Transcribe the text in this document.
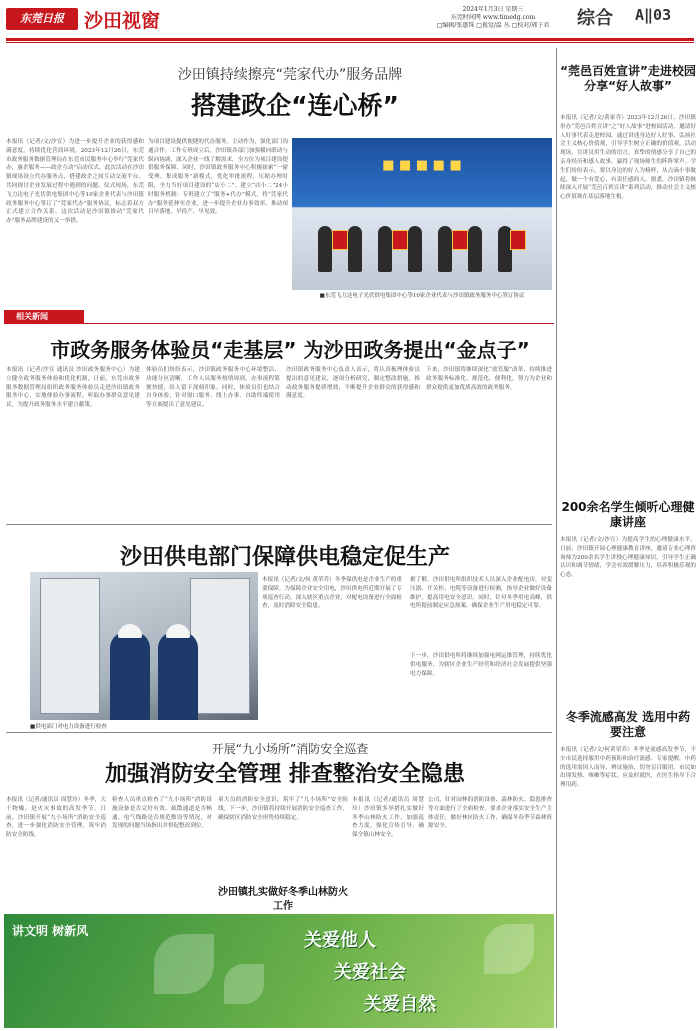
东莞日报	沙田视窗
2024年1月3日 星期三
东莞时间网 www.timedg.com
□编辑/张惠珠 □视觉/温 丛 □校对/郭子君	综合	A‖03
沙田镇持续擦亮“莞家代办”服务品牌
搭建政企“连心桥”
本报讯（记者/文/沙宣）为进一步提升企业的获得感和满意度，持续优化营商环境，2023年12月26日，东莞市政务服务数据管理局在东莞市民服务中心举行“莞家代办，惠企服务——政企互动”启动仪式。此次活动在沙田镇现场设立代办服务点，搭建政企之间互动交流平台，共同探讨企业发展过程中遇到的问题。仪式现场，东莞飞力达电子光伏供电集团中心等10家企业代表与沙田镇政务服务中心签订了“莞家代办”服务协议，标志着双方正式建立合作关系。这次活动是沙田镇推动“莞家代办”服务品牌建设的又一举措。
为项目建设提供便捷的代办服务。主动作为，强化部门沟通合作。工作专班成立后，沙田镇各部门加强横向联动与纵向协调，深入企业一线了解需求，全方位为项目建设提供服务保障。同时，沙田镇政务服务中心积极探索“一窗受理、集成服务”新模式，优化审批流程，压缩办理时限，全力当好项目建设的“店小二”。建立“店小二”24小时服务机制：专班建立了“服务+代办”模式，将“莞家代办”服务延伸至企业，进一步提升企业办事效率，推动项目早落地、早投产、早见效。
■ ■ ■ ■ ■
■东莞飞力达电子光伏供电集团中心等10家企业代表与沙田镇政务服务中心签订协议
相关新闻
市政务服务体验员“走基层” 为沙田政务提出“金点子”
本报讯（记者/沙宣 通讯员 沙田政务服务中心）为建立健全政务服务体验和优化机制，日前，东莞市政务服务数据管理局组织政务服务体验员走进沙田镇政务服务中心，实地体验办事流程，听取办事群众意见建议，为提升政务服务水平建言献策。
体验员们纷纷表示，沙田镇政务服务中心环境整洁、功能分区清晰，工作人员服务热情周到，办事流程简便快捷，给人留下深刻印象。同时，体验员们也结合自身体验，针对窗口服务、线上办事、自助终端使用等方面提出了意见建议。
沙田镇政务服务中心负责人表示，将认真梳理体验员提出的意见建议，逐项分析研究，制定整改措施，推动政务服务提质增效，不断提升企业群众的获得感和满意度。
下来，沙田镇将继续深化“放管服”改革，持续推进政务服务标准化、规范化、便利化，努力为企业和群众提供更加优质高效的政务服务。
沙田供电部门保障供电稳定促生产
■供电部门对电力设备进行检查
本报讯（记者/文/何 黄荣乔）冬季保供电是企业生产的重要保障。为保障企业安全用电，沙田供电所近期开展了专项巡查行动，深入辖区重点企业，对配电设备进行全面检查，及时消除安全隐患。
据了解，沙田供电所组织技术人员深入企业配电房，对变压器、开关柜、电缆等设备进行检测，指导企业做好设备维护，提高用电安全意识。同时，针对冬季用电高峰，供电所提前制定应急预案，确保企业生产用电稳定可靠。
下一步，沙田供电所将继续加强电网运维管理，持续优化供电服务，为辖区企业生产经营和经济社会发展提供坚强电力保障。
开展“九小场所”消防安全巡查
加强消防安全管理 排查整治安全隐患
本报讯（记者/通讯员 周慧玲）冬季，天干物燥，是火灾事故的高发季节。日前，沙田镇开展“九小场所”消防安全巡查，进一步强化消防安全管理，筑牢消防安全防线。
检查人员重点检查了“九小场所”消防设施设备是否完好有效、疏散通道是否畅通、电气线路是否规范敷设等情况，对发现的问题当场指出并督促整改到位。
童大员的消防安全意识，筑牢了“九小场所”安全防线。下一步，沙田镇将持续开展消防安全巡查工作，确保辖区消防安全形势持续稳定。
公司，针对园林的消防设备、森林防火、隐患排查等方面进行了全面检查，要求企业落实安全生产主体责任，做好林区防火工作，确保冬春季节森林资源安全。
沙田镇扎实做好冬季山林防火工作
本报讯（记者/通讯员 周慧玲）沙田镇多举措扎实做好冬季山林防火工作，加强巡查力度，强化宣传引导，确保全镇山林安全。
“莞邑百姓宣讲”走进校园分享“好人故事”
本报讯（记者/文/黄家乔）2023年12月26日，沙田镇举办“莞邑百姓宣讲”之“好人故事”进校园活动，邀请好人好事代表走进校园，通过讲述身边好人好事，弘扬社会主义核心价值观，引导学生树立正确的价值观。活动现场，宣讲员用生动的语言、真挚的情感分享了自己的亲身经历和感人故事，赢得了现场师生的阵阵掌声。学生们纷纷表示，要以身边的好人为榜样，从点滴小事做起，做一个有爱心、有责任感的人。据悉，沙田镇将继续深入开展“莞邑百姓宣讲”系列活动，推动社会主义核心价值观在基层落地生根。
200余名学生倾听心理健康讲座
本报讯（记者/文/沙宣）为提高学生的心理健康水平，日前，沙田镇开展心理健康教育讲座，邀请专业心理咨询师为200余名学生讲授心理健康知识，引导学生正确认识和调节情绪，学会有效缓解压力，培养积极乐观的心态。
冬季流感高发 选用中药要注意
本报讯（记者/文/何黄荣乔）冬季是流感高发季节，不少市民选择服用中药预防和治疗流感。专家提醒，中药的选用需因人而异，辨证施治，切勿盲目服用。市民如出现发热、咳嗽等症状，应及时就医，在医生指导下合理用药。
讲文明 树新风	关爱他人
关爱社会
关爱自然
